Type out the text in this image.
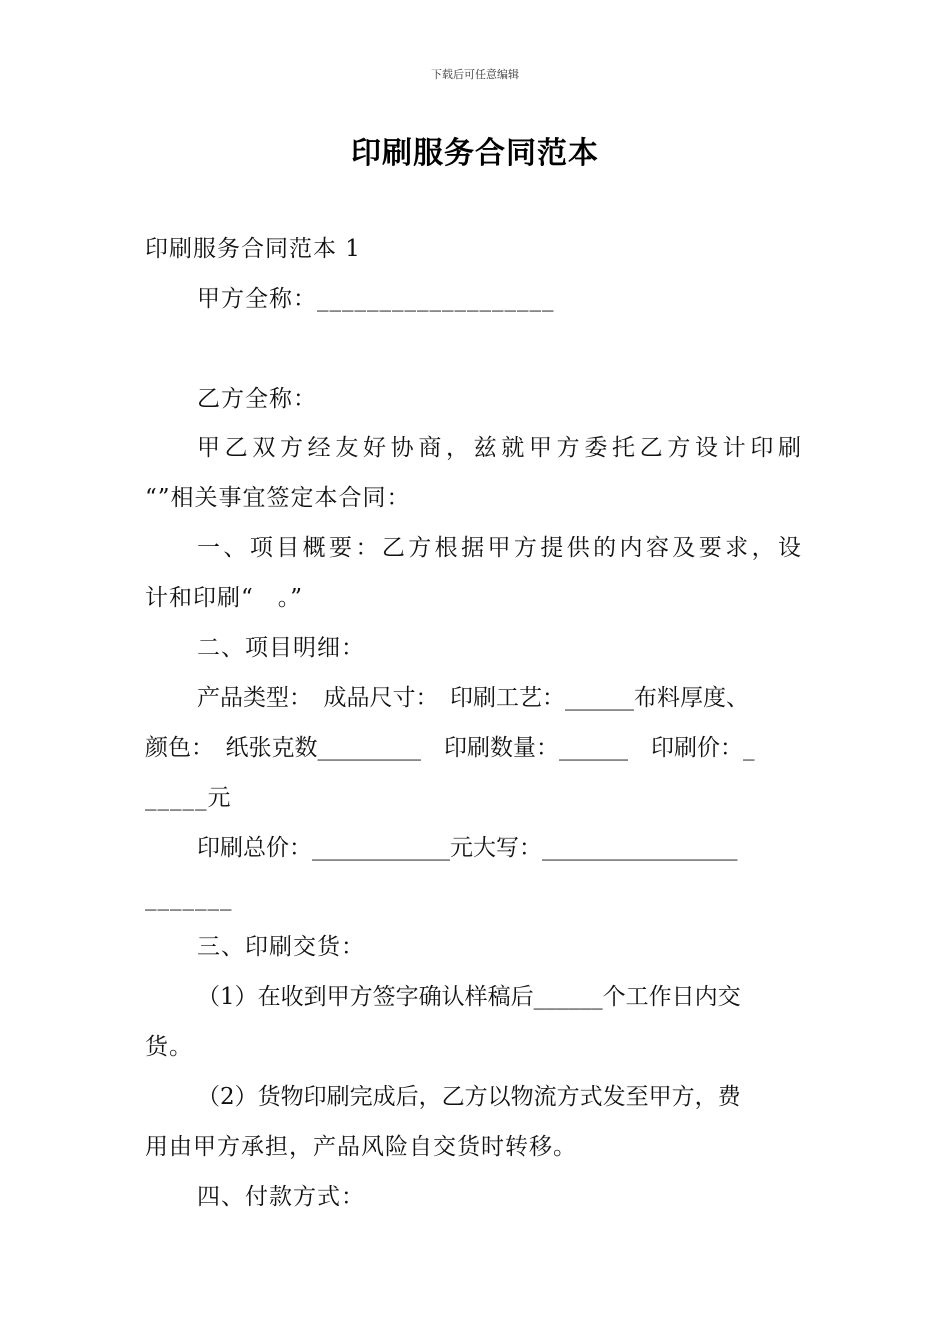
下载后可任意编辑
印刷服务合同范本
印刷服务合同范本 1
甲方全称：___________________
乙方全称：
甲乙双方经友好协商，兹就甲方委托乙方设计印刷
“”相关事宜签定本合同：
一、项目概要：乙方根据甲方提供的内容及要求，设
计和印刷“　。”
二、项目明细：
产品类型：　成品尺寸：　印刷工艺：______布料厚度、
颜色：　纸张克数_________　印刷数量：______　印刷价：_
_____元
印刷总价：____________元大写：_________________
_______
三、印刷交货：
（1）在收到甲方签字确认样稿后______个工作日内交
货。
（2）货物印刷完成后，乙方以物流方式发至甲方，费
用由甲方承担，产品风险自交货时转移。
四、付款方式：
